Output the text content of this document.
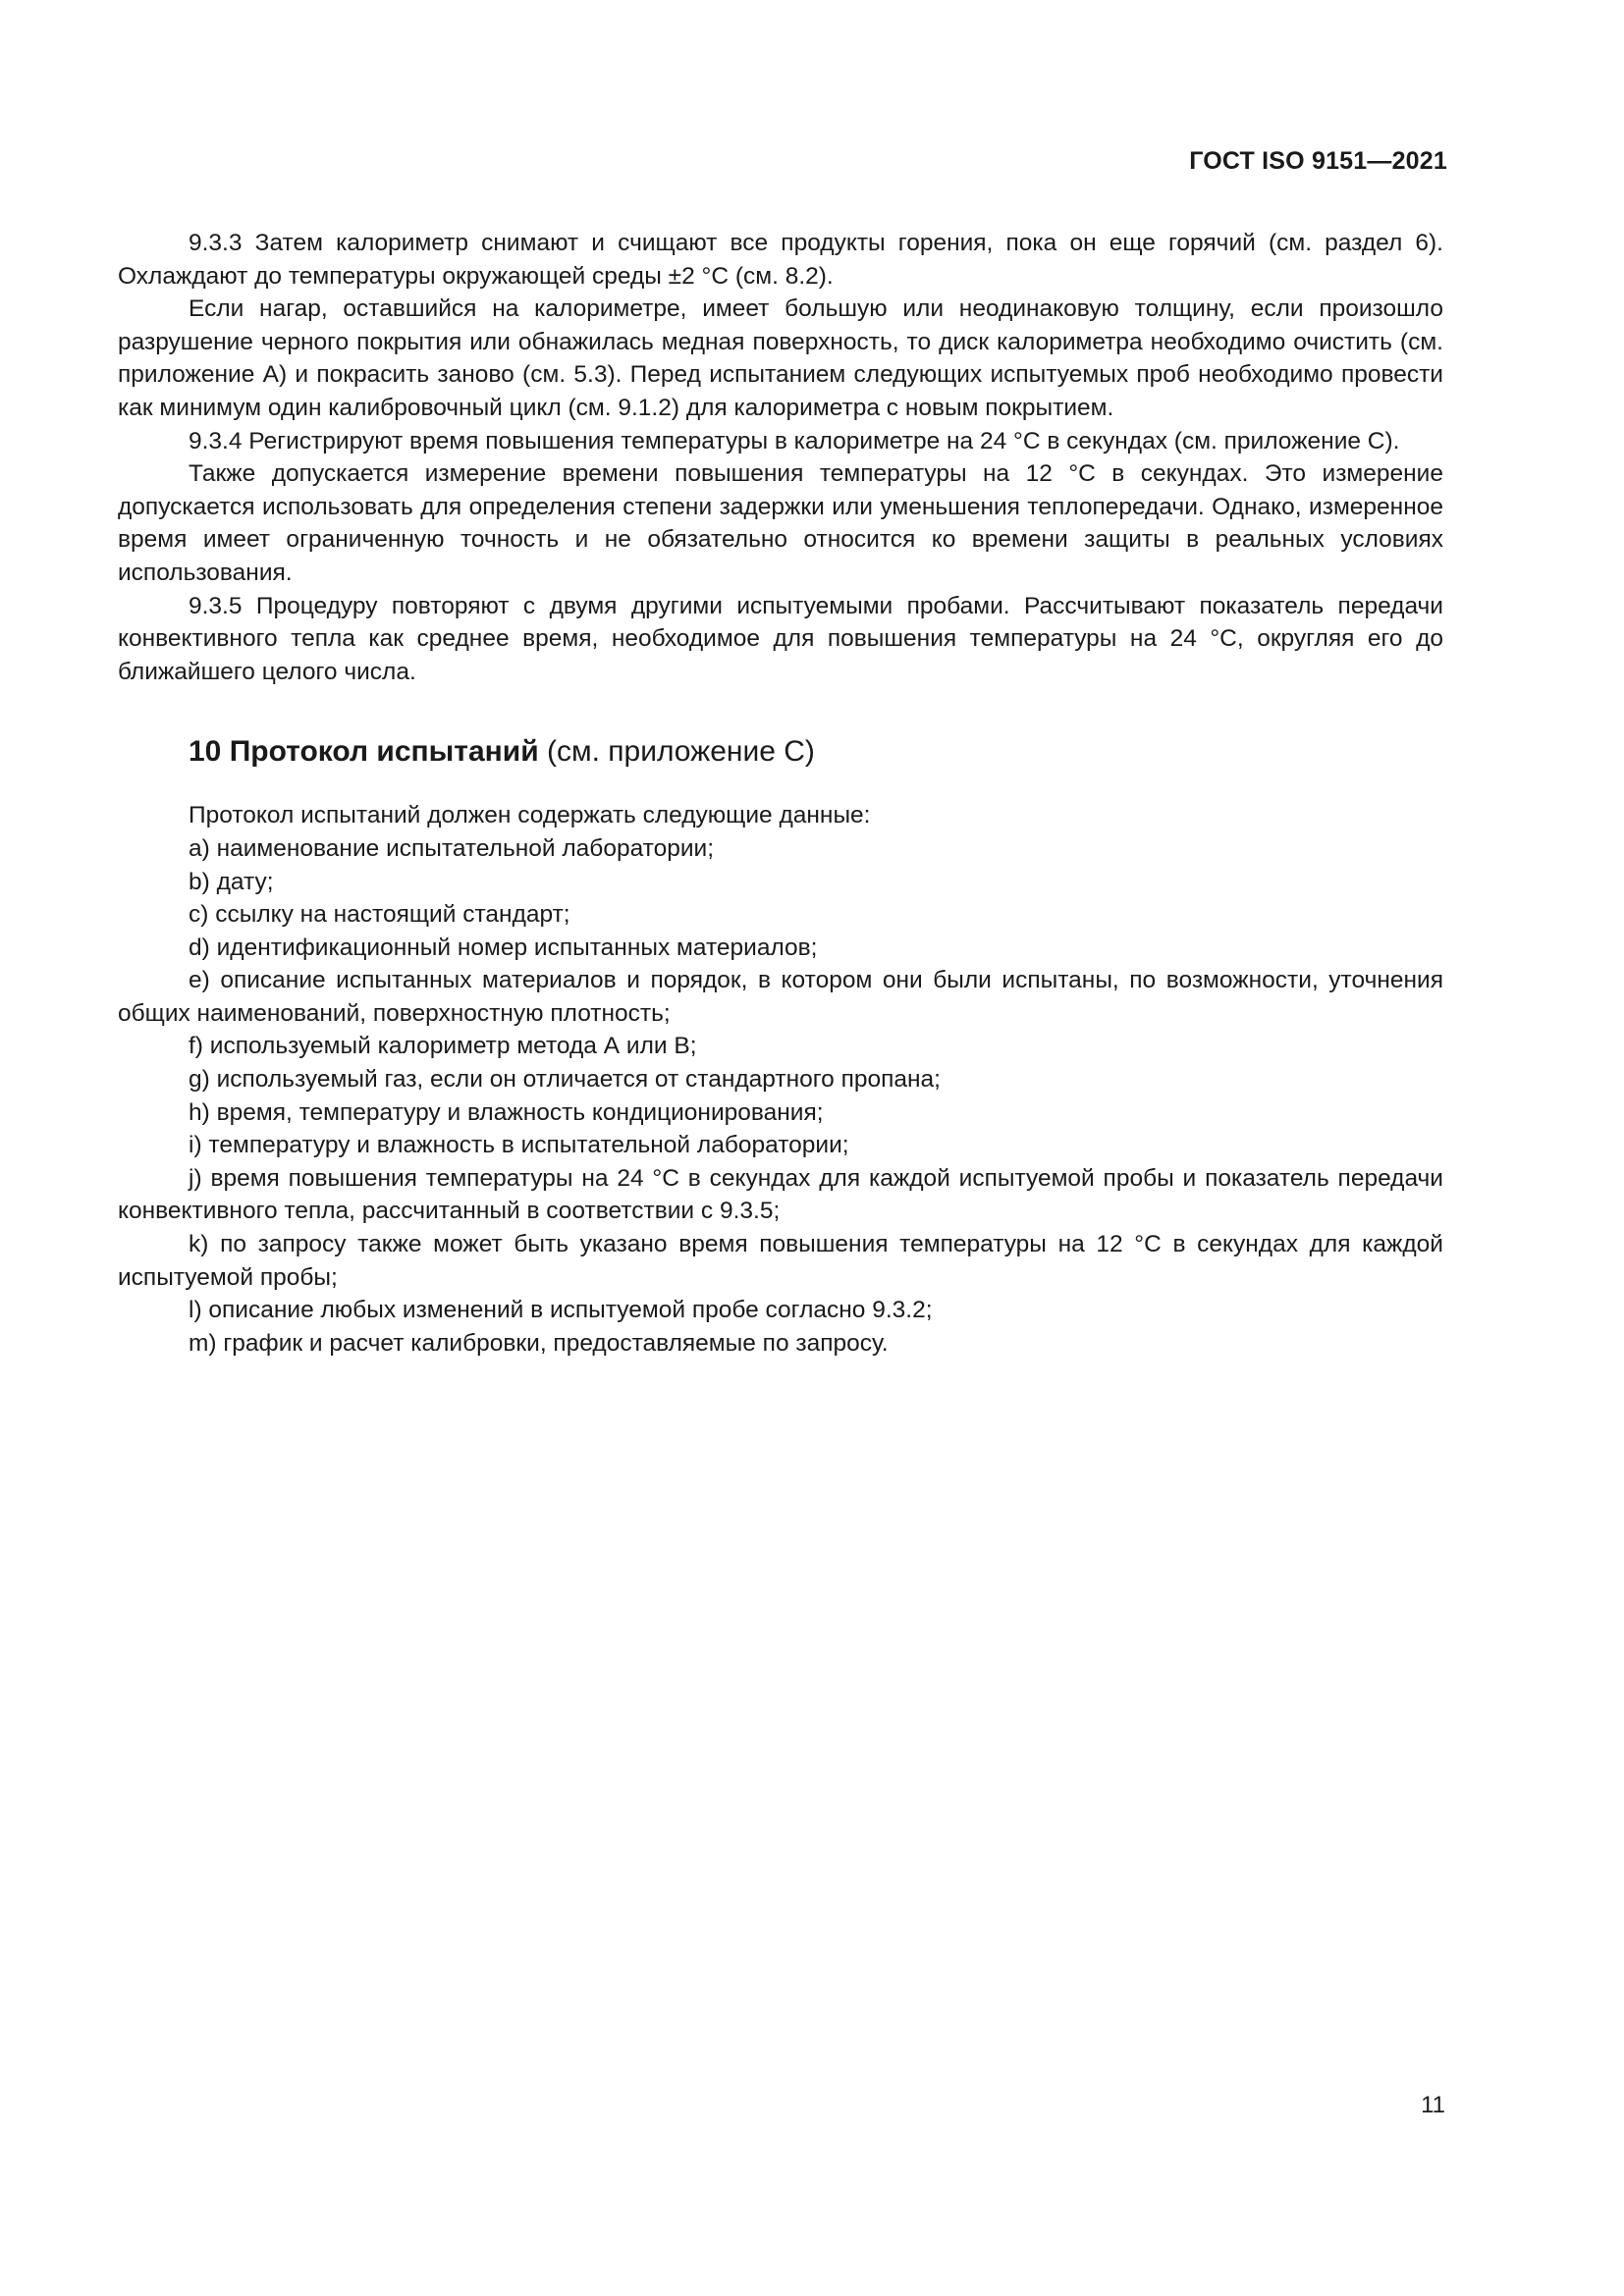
ГОСТ ISO 9151—2021

9.3.3 Затем калориметр снимают и счищают все продукты горения, пока он еще горячий (см. раздел 6). Охлаждают до температуры окружающей среды ±2 °С (см. 8.2).

Если нагар, оставшийся на калориметре, имеет большую или неодинаковую толщину, если произошло разрушение черного покрытия или обнажилась медная поверхность, то диск калориметра необходимо очистить (см. приложение А) и покрасить заново (см. 5.3). Перед испытанием следующих испытуемых проб необходимо провести как минимум один калибровочный цикл (см. 9.1.2) для калориметра с новым покрытием.

9.3.4 Регистрируют время повышения температуры в калориметре на 24 °С в секундах (см. приложение С).

Также допускается измерение времени повышения температуры на 12 °С в секундах. Это измерение допускается использовать для определения степени задержки или уменьшения теплопередачи. Однако, измеренное время имеет ограниченную точность и не обязательно относится ко времени защиты в реальных условиях использования.

9.3.5 Процедуру повторяют с двумя другими испытуемыми пробами. Рассчитывают показатель передачи конвективного тепла как среднее время, необходимое для повышения температуры на 24 °С, округляя его до ближайшего целого числа.

10 Протокол испытаний (см. приложение С)

Протокол испытаний должен содержать следующие данные:

a) наименование испытательной лаборатории;

b) дату;

c) ссылку на настоящий стандарт;

d) идентификационный номер испытанных материалов;

e) описание испытанных материалов и порядок, в котором они были испытаны, по возможности, уточнения общих наименований, поверхностную плотность;

f) используемый калориметр метода А или В;

g) используемый газ, если он отличается от стандартного пропана;

h) время, температуру и влажность кондиционирования;

i) температуру и влажность в испытательной лаборатории;

j) время повышения температуры на 24 °С в секундах для каждой испытуемой пробы и показатель передачи конвективного тепла, рассчитанный в соответствии с 9.3.5;

k) по запросу также может быть указано время повышения температуры на 12 °С в секундах для каждой испытуемой пробы;

l) описание любых изменений в испытуемой пробе согласно 9.3.2;

m) график и расчет калибровки, предоставляемые по запросу.

11
